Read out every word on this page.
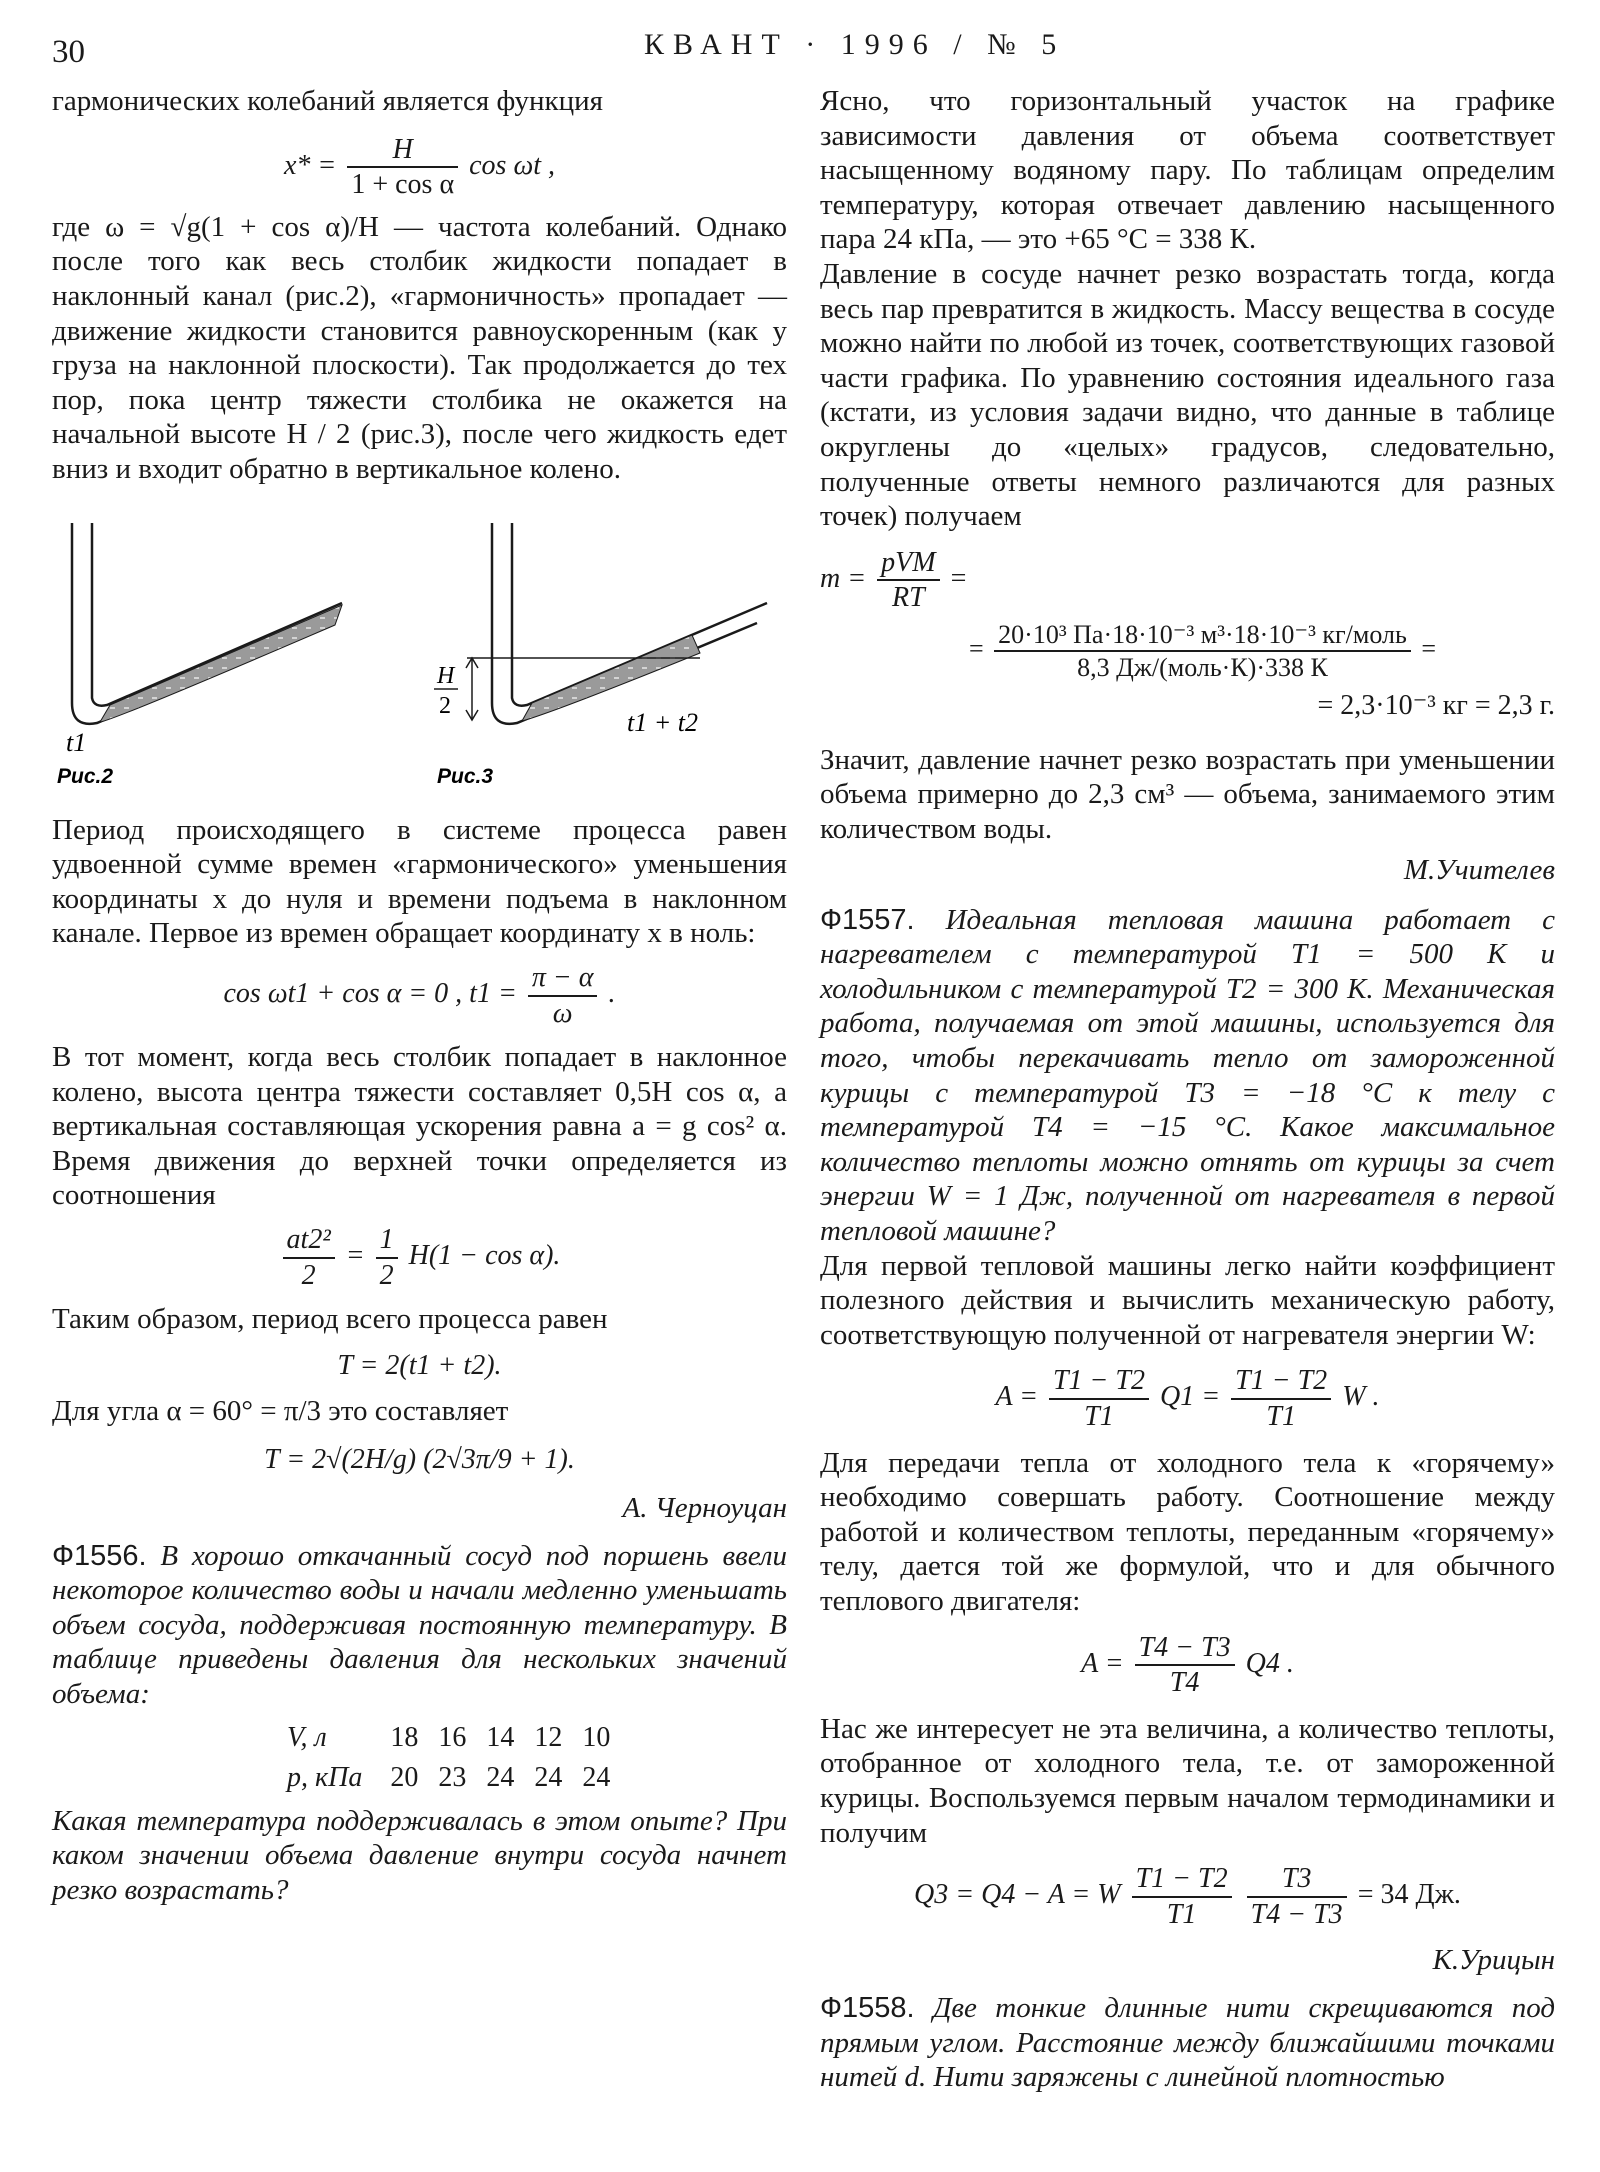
30	КВАНТ · 1996 / № 5

гармонических колебаний является функция

$x* = \frac{H}{\text{1 + cos α}}$ cos ωt ,

где ω = √g(1 + cos α)/H — частота колебаний. Однако после того как весь столбик жидкости попадает в наклонный канал (рис.2), «гармоничность» пропадает — движение жидкости становится равноускоренным (как у груза на наклонной плоскости). Так продолжается до тех пор, пока центр тяжести столбика не окажется на начальной высоте H / 2 (рис.3), после чего жидкость едет вниз и входит обратно в вертикальное колено.

t1
Рис.2
H
2
t1 + t2
Рис.3

Период происходящего в системе процесса равен удвоенной сумме времен «гармонического» уменьшения координаты x до нуля и времени подъема в наклонном канале. Первое из времен обращает координату x в ноль:

cos ωt1 + cos α = 0 , $t1 = \frac{\pi - \alpha}{\omega}$ .

В тот момент, когда весь столбик попадает в наклонное колено, высота центра тяжести составляет 0,5H cos α, а вертикальная составляющая ускорения равна a = g cos² α. Время движения до верхней точки определяется из соотношения

$\frac{\text{at2²}}{2} = \frac{1}{2} H(1 - \cos \alpha)$.

Таким образом, период всего процесса равен

T = 2(t1 + t2).

Для угла α = 60° = π/3 это составляет

T = 2√(2H/g) (2√3π/9 + 1).
А. Черноуцан

Ф1556. В хорошо откачанный сосуд под поршень ввели некоторое количество воды и начали медленно уменьшать объем сосуда, поддерживая постоянную температуру. В таблице приведены давления для нескольких значений объема:

V, л	18	16	14	12	10
p, кПа	20	23	24	24	24

Какая температура поддерживалась в этом опыте? При каком значении объема давление внутри сосуда начнет резко возрастать?

Ясно, что горизонтальный участок на графике зависимости давления от объема соответствует насыщенному водяному пару. По таблицам определим температуру, которая отвечает давлению насыщенного пара 24 кПа, — это +65 °С = 338 К.

Давление в сосуде начнет резко возрастать тогда, когда весь пар превратится в жидкость. Массу вещества в сосуде можно найти по любой из точек, соответствующих газовой части графика. По уравнению состояния идеального газа (кстати, из условия задачи видно, что данные в таблице округлены до «целых» градусов, следовательно, полученные ответы немного различаются для разных точек) получаем

$m = \frac{\text{pVM}}{RT}$ =
= $\frac{\text{20·10³ Па·18·10⁻³ м³·18·10⁻³ кг/моль}}{\text{8,3 Дж/(моль·К)·338 К}}$ =
= 2,3·10⁻³ кг = 2,3 г.

Значит, давление начнет резко возрастать при уменьшении объема примерно до 2,3 см³ — объема, занимаемого этим количеством воды.

М.Учителев

Ф1557. Идеальная тепловая машина работает с нагревателем с температурой T1 = 500 К и холодильником с температурой T2 = 300 К. Механическая работа, получаемая от этой машины, используется для того, чтобы перекачивать тепло от замороженной курицы с температурой T3 = −18 °С к телу с температурой T4 = −15 °С. Какое максимальное количество теплоты можно отнять от курицы за счет энергии W = 1 Дж, полученной от нагревателя в первой тепловой машине?

Для первой тепловой машины легко найти коэффициент полезного действия и вычислить механическую работу, соответствующую полученной от нагревателя энергии W:

$A = \frac{T1 - T2}{T1} Q1 = \frac{T1 - T2}{T1}$ W .

Для передачи тепла от холодного тела к «горячему» необходимо совершать работу. Соотношение между работой и количеством теплоты, переданным «горячему» телу, дается той же формулой, что и для обычного теплового двигателя:

$A = \frac{T4 - T3}{T4} Q4$ .

Нас же интересует не эта величина, а количество теплоты, отобранное от холодного тела, т.е. от замороженной курицы. Воспользуемся первым началом термодинамики и получим

Q3 = Q4 − A = W $\frac{T1 - T2}{T1}$
$\frac{T3}{T4 - T3} = 34$ Дж.
К.Урицын

Ф1558. Две тонкие длинные нити скрещиваются под прямым углом. Расстояние между ближайшими точками нитей d. Нити заряжены с линейной плотностью
